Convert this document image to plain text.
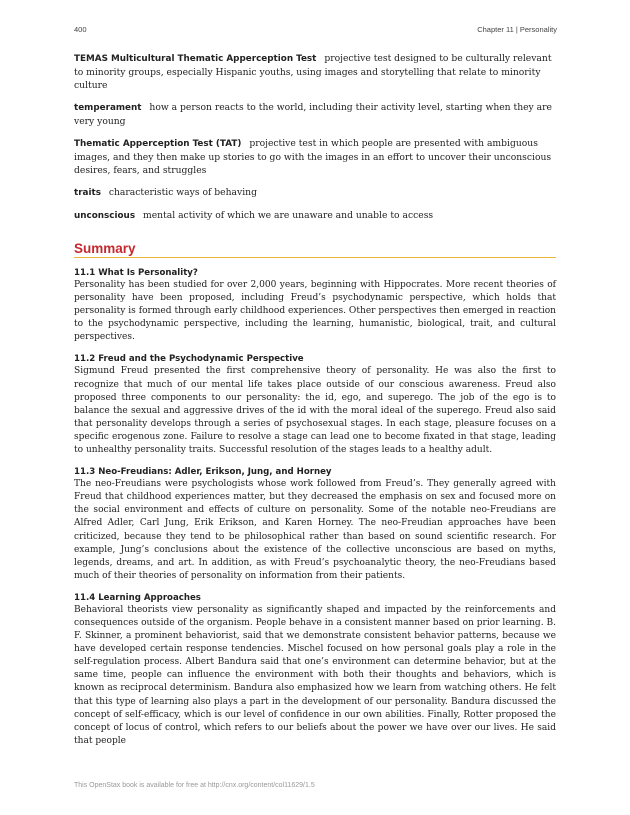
400	Chapter 11 | Personality

TEMAS Multicultural Thematic Apperception Test projective test designed to be culturally relevant to minority groups, especially Hispanic youths, using images and storytelling that relate to minority culture

temperament how a person reacts to the world, including their activity level, starting when they are very young

Thematic Apperception Test (TAT) projective test in which people are presented with ambiguous images, and they then make up stories to go with the images in an effort to uncover their unconscious desires, fears, and struggles

traits characteristic ways of behaving

unconscious mental activity of which we are unaware and unable to access

Summary
11.1 What Is Personality?

Personality has been studied for over 2,000 years, beginning with Hippocrates. More recent theories of personality have been proposed, including Freud’s psychodynamic perspective, which holds that personality is formed through early childhood experiences. Other perspectives then emerged in reaction to the psychodynamic perspective, including the learning, humanistic, biological, trait, and cultural perspectives.

11.2 Freud and the Psychodynamic Perspective

Sigmund Freud presented the first comprehensive theory of personality. He was also the first to recognize that much of our mental life takes place outside of our conscious awareness. Freud also proposed three components to our personality: the id, ego, and superego. The job of the ego is to balance the sexual and aggressive drives of the id with the moral ideal of the superego. Freud also said that personality develops through a series of psychosexual stages. In each stage, pleasure focuses on a specific erogenous zone. Failure to resolve a stage can lead one to become fixated in that stage, leading to unhealthy personality traits. Successful resolution of the stages leads to a healthy adult.

11.3 Neo-Freudians: Adler, Erikson, Jung, and Horney

The neo-Freudians were psychologists whose work followed from Freud’s. They generally agreed with Freud that childhood experiences matter, but they decreased the emphasis on sex and focused more on the social environment and effects of culture on personality. Some of the notable neo-Freudians are Alfred Adler, Carl Jung, Erik Erikson, and Karen Horney. The neo-Freudian approaches have been criticized, because they tend to be philosophical rather than based on sound scientific research. For example, Jung’s conclusions about the existence of the collective unconscious are based on myths, legends, dreams, and art. In addition, as with Freud’s psychoanalytic theory, the neo-Freudians based much of their theories of personality on information from their patients.

11.4 Learning Approaches

Behavioral theorists view personality as significantly shaped and impacted by the reinforcements and consequences outside of the organism. People behave in a consistent manner based on prior learning. B. F. Skinner, a prominent behaviorist, said that we demonstrate consistent behavior patterns, because we have developed certain response tendencies. Mischel focused on how personal goals play a role in the self-regulation process. Albert Bandura said that one’s environment can determine behavior, but at the same time, people can influence the environment with both their thoughts and behaviors, which is known as reciprocal determinism. Bandura also emphasized how we learn from watching others. He felt that this type of learning also plays a part in the development of our personality. Bandura discussed the concept of self-efficacy, which is our level of confidence in our own abilities. Finally, Rotter proposed the concept of locus of control, which refers to our beliefs about the power we have over our lives. He said that people

This OpenStax book is available for free at http://cnx.org/content/col11629/1.5
